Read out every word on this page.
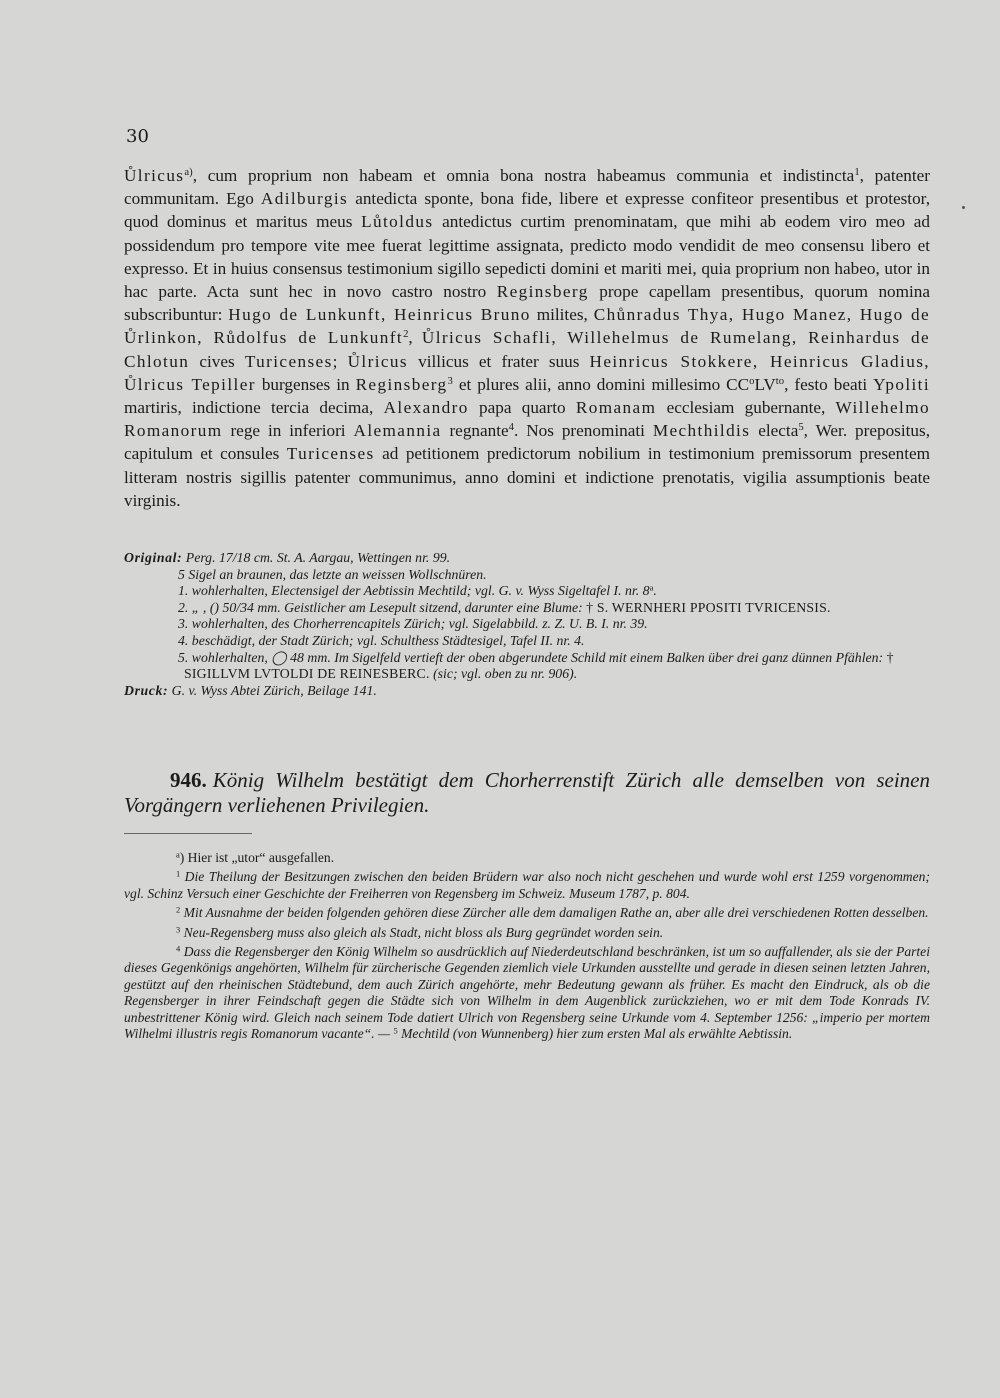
30

Ůlricus$^{a)}$, cum proprium non habeam et omnia bona nostra habeamus communia et indistincta$^1$, patenter communitam. Ego Adilburgis antedicta sponte, bona fide, libere et expresse confiteor presentibus et protestor, quod dominus et maritus meus Lůtoldus antedictus curtim prenominatam, que mihi ab eodem viro meo ad possidendum pro tempore vite mee fuerat legittime assignata, predicto modo vendidit de meo consensu libero et expresso. Et in huius consensus testimonium sigillo sepedicti domini et mariti mei, quia proprium non habeo, utor in hac parte. Acta sunt hec in novo castro nostro Reginsberg prope capellam presentibus, quorum nomina subscribuntur: Hugo de Lunkunft, Heinricus Bruno milites, Chůnradus Thya, Hugo Manez, Hugo de Ůrlinkon, Růdolfus de Lunkunft$^2$, Ůlricus Schafli, Willehelmus de Rumelang, Reinhardus de Chlotun cives Turicenses; Ůlricus villicus et frater suus Heinricus Stokkere, Heinricus Gladius, Ůlricus Tepiller burgenses in Reginsberg$^3$ et plures alii, anno domini millesimo $CC^oLV^{to}$, festo beati Ypoliti martiris, indictione tercia decima, Alexandro papa quarto Romanam ecclesiam gubernante, Willehelmo Romanorum rege in inferiori Alemannia regnante$^4$. Nos prenominati Mechthildis electa$^5$, Wer. prepositus, capitulum et consules Turicenses ad petitionem predictorum nobilium in testimonium premissorum presentem litteram nostris sigillis patenter communimus, anno domini et indictione prenotatis, vigilia assumptionis beate virginis.

Original: Perg. 17/18 cm. St. A. Aargau, Wettingen nr. 99.

5 Sigel an braunen, das letzte an weissen Wollschnüren.

1. wohlerhalten, Electensigel der Aebtissin Mechtild; vgl. G. v. Wyss Sigeltafel I. nr. 8$^a$.

2. „ , () 50/34 mm. Geistlicher am Lesepult sitzend, darunter eine Blume: † S. WERNHERI PPOSITI TVRICENSIS.

3. wohlerhalten, des Chorherrencapitels Zürich; vgl. Sigelabbild. z. Z. U. B. I. nr. 39.

4. beschädigt, der Stadt Zürich; vgl. Schulthess Städtesigel, Tafel II. nr. 4.

5. wohlerhalten, ◯ 48 mm. Im Sigelfeld vertieft der oben abgerundete Schild mit einem Balken über drei ganz dünnen Pfählen: † SIGILLVM LVTOLDI DE REINESBERC. (sic; vgl. oben zu nr. 906).

Druck: G. v. Wyss Abtei Zürich, Beilage 141.

946. König Wilhelm bestätigt dem Chorherrenstift Zürich alle demselben von seinen Vorgängern verliehenen Privilegien.

$^a$) Hier ist „utor“ ausgefallen.

$^1$ Die Theilung der Besitzungen zwischen den beiden Brüdern war also noch nicht geschehen und wurde wohl erst 1259 vorgenommen; vgl. Schinz Versuch einer Geschichte der Freiherren von Regensberg im Schweiz. Museum 1787, p. 804.

$^2$ Mit Ausnahme der beiden folgenden gehören diese Zürcher alle dem damaligen Rathe an, aber alle drei verschiedenen Rotten desselben.

$^3$ Neu-Regensberg muss also gleich als Stadt, nicht bloss als Burg gegründet worden sein.

$^4$ Dass die Regensberger den König Wilhelm so ausdrücklich auf Niederdeutschland beschränken, ist um so auffallender, als sie der Partei dieses Gegenkönigs angehörten, Wilhelm für zürcherische Gegenden ziemlich viele Urkunden ausstellte und gerade in diesen seinen letzten Jahren, gestützt auf den rheinischen Städtebund, dem auch Zürich angehörte, mehr Bedeutung gewann als früher. Es macht den Eindruck, als ob die Regensberger in ihrer Feindschaft gegen die Städte sich von Wilhelm in dem Augenblick zurückziehen, wo er mit dem Tode Konrads IV. unbestrittener König wird. Gleich nach seinem Tode datiert Ulrich von Regensberg seine Urkunde vom 4. September 1256: „imperio per mortem Wilhelmi illustris regis Romanorum vacante“. — $^5$ Mechtild (von Wunnenberg) hier zum ersten Mal als erwählte Aebtissin.
